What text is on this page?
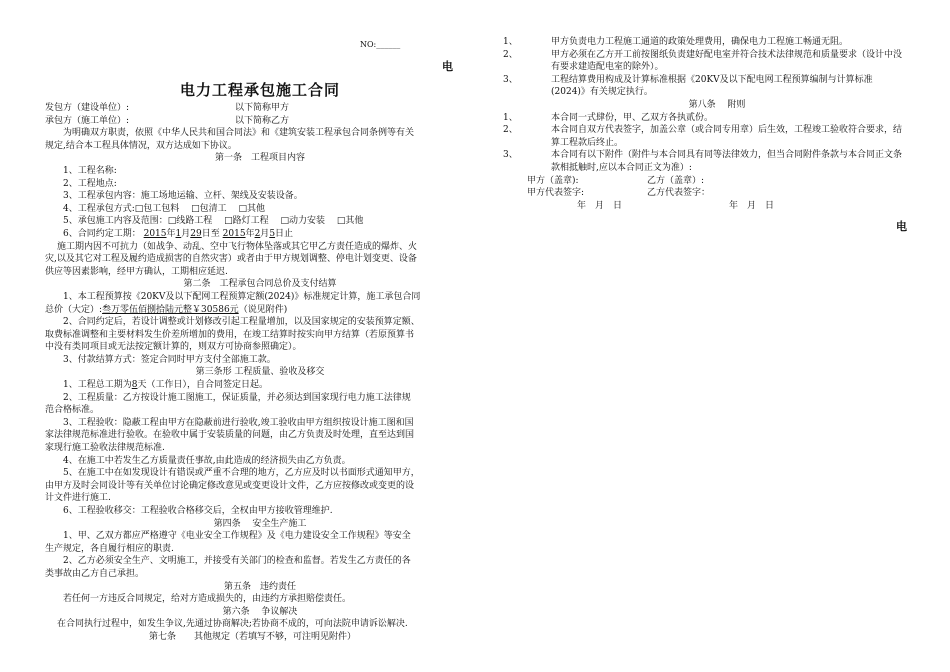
NO:______
电
电
电力工程承包施工合同
发包方（建设单位）:	以下简称甲方
承包方（施工单位）:	以下简称乙方
为明确双方职责，依照《中华人民共和国合同法》和《建筑安装工程承包合同条例等有关
规定,结合本工程具体情况，双方达成如下协议。
第一条　工程项目内容
1、工程名称:
2、工程地点:
3、工程承包内容：施工场地运输、立杆、架线及安装设备。
4、工程承包方式:□包工包料　 □包清工　 □其他
5、承包施工内容及范围：□线路工程　 □路灯工程　 □动力安装　 □其他
6、合同约定工期： 2015年1月29日至 2015年2月5日止
施工期内因不可抗力（如战争、动乱、空中飞行物体坠落或其它甲乙方责任造成的爆炸、火
灾,以及其它对工程及履约造成损害的自然灾害）或者由于甲方规划调整、停电计划变更、设备
供应等因素影响，经甲方确认，工期相应延迟.
第二条　工程承包合同总价及支付结算
1、本工程预算按《20KV及以下配网工程预算定额(2024)》标准规定计算，施工承包合同
总价（大定）:叁万零伍佰捌拾陆元整￥30586元（说见附件)
2、合同约定后，若设计调整或计划修改引起工程量增加，以及国家规定的安装预算定额、
取费标准调整和主要材料发生价差所增加的费用，在竣工结算时按实向甲方结算（若原预算书
中没有类同项目或无法按定额计算的，则双方可协商参照确定）。
3、付款结算方式：签定合同时甲方支付全部施工款。
第三条形 工程质量、验收及移交
1、工程总工期为8天（工作日），自合同签定日起。
2、工程质量：乙方按设计施工图施工，保证质量，并必须达到国家现行电力施工法律规
范合格标准。
3、工程验收：隐蔽工程由甲方在隐蔽前进行验收,竣工验收由甲方组织按设计施工图和国
家法律规范标准进行验收。在验收中属于安装质量的问题，由乙方负责及时处理，直至达到国
家现行施工验收法律规范标准.
4、在施工中若发生乙方质量责任事故,由此造成的经济损失由乙方负责。
5、在施工中在如发现设计有错误或严重不合理的地方，乙方应及时以书面形式通知甲方，
由甲方及时会同设计等有关单位讨论确定修改意见或变更设计文件，乙方应按修改或变更的设
计文件进行施工.
6、工程验收移交：工程验收合格移交后，全权由甲方接收管理维护.
第四条　 安全生产施工
1、甲、乙双方都应严格遵守《电业安全工作规程》及《电力建设安全工作规程》等安全
生产规定，各自履行相应的职责.
2、乙方必须安全生产、文明施工，并接受有关部门的检查和监督。若发生乙方责任的各
类事故由乙方自己承担。
第五条　违约责任
若任何一方违反合同规定，给对方造成损失的，由违约方承担赔偿责任。
第六条　 争议解决
在合同执行过程中，如发生争议,先通过协商解决;若协商不成的，可向法院申请诉讼解决.
第七条　　其他规定（若填写不够，可注明见附件）
1、	甲方负责电力工程施工通道的政策处理费用，确保电力工程施工畅通无阻。
2、	甲方必须在乙方开工前按图纸负责建好配电室并符合技术法律规范和质量要求（设计中没有要求建造配电室的除外）。
3、	工程结算费用构成及计算标准根据《20KV及以下配电网工程预算编制与计算标准(2024)》有关规定执行。
第八条　 附则
1、	本合同一式肆份，甲、乙双方各执贰份。
2、	本合同自双方代表签字，加盖公章（或合同专用章）后生效，工程竣工验收符合要求，结算工程款后终止。
3、	本合同有以下附件（附件与本合同具有同等法律效力，但当合同附件条款与本合同正文条款相抵触时,应以本合同正文为准）:
甲方（盖章):	乙方（盖章）:
甲方代表签字:	乙方代表签字：
年　月　日	年　月　日
